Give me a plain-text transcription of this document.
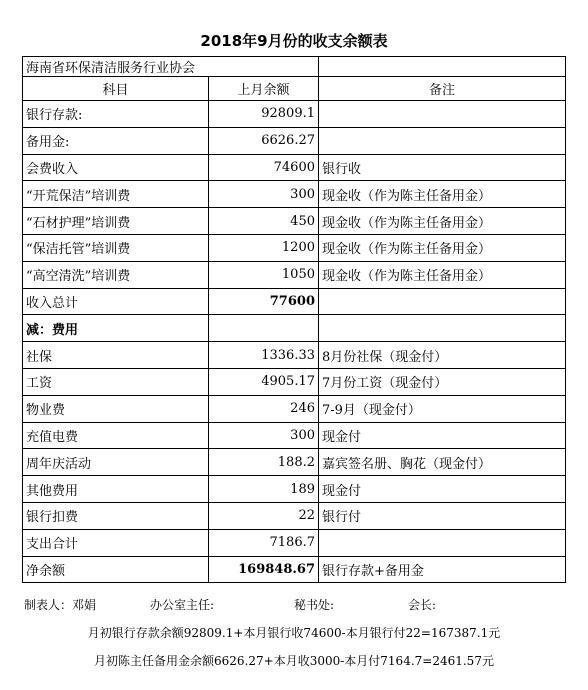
2018年9月份的收支余额表
海南省环保清洁服务行业协会		
科目	上月余额	备注
银行存款:	92809.1	
备用金:	6626.27	
会费收入	74600	银行收
“开荒保洁”培训费	300	现金收（作为陈主任备用金）
“石材护理”培训费	450	现金收（作为陈主任备用金）
“保洁托管”培训费	1200	现金收（作为陈主任备用金）
“高空清洗”培训费	1050	现金收（作为陈主任备用金）
收入总计	77600	
减：费用		
社保	1336.33	8月份社保（现金付）
工资	4905.17	7月份工资（现金付）
物业费	246	7-9月（现金付）
充值电费	300	现金付
周年庆活动	188.2	嘉宾签名册、胸花（现金付）
其他费用	189	现金付
银行扣费	22	银行付
支出合计	7186.7	
净余额	169848.67	银行存款+备用金
制表人：邓娟	办公室主任:	秘书处:	会长:
月初银行存款余额92809.1+本月银行收74600-本月银行付22=167387.1元
月初陈主任备用金余额6626.27+本月收3000-本月付7164.7=2461.57元
